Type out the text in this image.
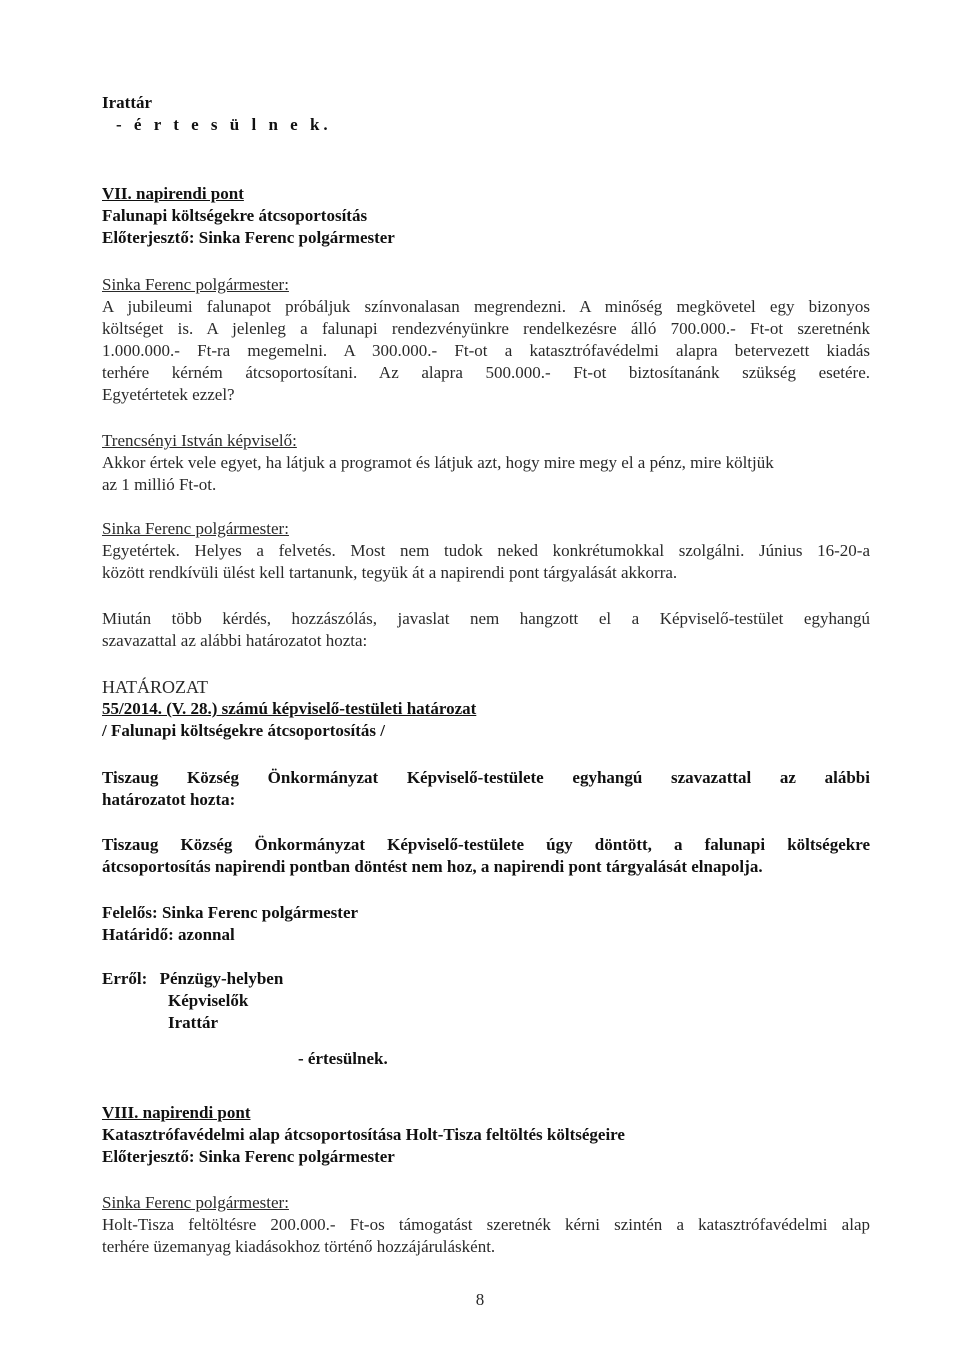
Irattár
- é r t e s ü l n e k.
VII. napirendi pont
Falunapi költségekre átcsoportosítás
Előterjesztő: Sinka Ferenc polgármester
Sinka Ferenc polgármester:
A jubileumi falunapot próbáljuk színvonalasan megrendezni. A minőség megkövetel egy bizonyos
költséget is. A jelenleg a falunapi rendezvényünkre rendelkezésre álló 700.000.- Ft-ot szeretnénk
1.000.000.- Ft-ra megemelni. A 300.000.- Ft-ot a katasztrófavédelmi alapra betervezett kiadás
terhére kérném átcsoportosítani. Az alapra 500.000.- Ft-ot biztosítanánk szükség esetére.
Egyetértetek ezzel?
Trencsényi István képviselő:
Akkor értek vele egyet, ha látjuk a programot és látjuk azt, hogy mire megy el a pénz, mire költjük
az 1 millió Ft-ot.
Sinka Ferenc polgármester:
Egyetértek. Helyes a felvetés. Most nem tudok neked konkrétumokkal szolgálni. Június 16-20-a
között rendkívüli ülést kell tartanunk, tegyük át a napirendi pont tárgyalását akkorra.
Miután több kérdés, hozzászólás, javaslat nem hangzott el a Képviselő-testület egyhangú
szavazattal az alábbi határozatot hozta:
HATÁROZAT
55/2014. (V. 28.) számú képviselő-testületi határozat
/ Falunapi költségekre átcsoportosítás /
Tiszaug Község Önkormányzat Képviselő-testülete egyhangú szavazattal az alábbi
határozatot hozta:
Tiszaug Község Önkormányzat Képviselő-testülete úgy döntött, a falunapi költségekre
átcsoportosítás napirendi pontban döntést nem hoz, a napirendi pont tárgyalását elnapolja.
Felelős: Sinka Ferenc polgármester
Határidő: azonnal
Erről: Pénzügy-helyben
Képviselők
Irattár
- értesülnek.
VIII. napirendi pont
Katasztrófavédelmi alap átcsoportosítása Holt-Tisza feltöltés költségeire
Előterjesztő: Sinka Ferenc polgármester
Sinka Ferenc polgármester:
Holt-Tisza feltöltésre 200.000.- Ft-os támogatást szeretnék kérni szintén a katasztrófavédelmi alap
terhére üzemanyag kiadásokhoz történő hozzájárulásként.
8
